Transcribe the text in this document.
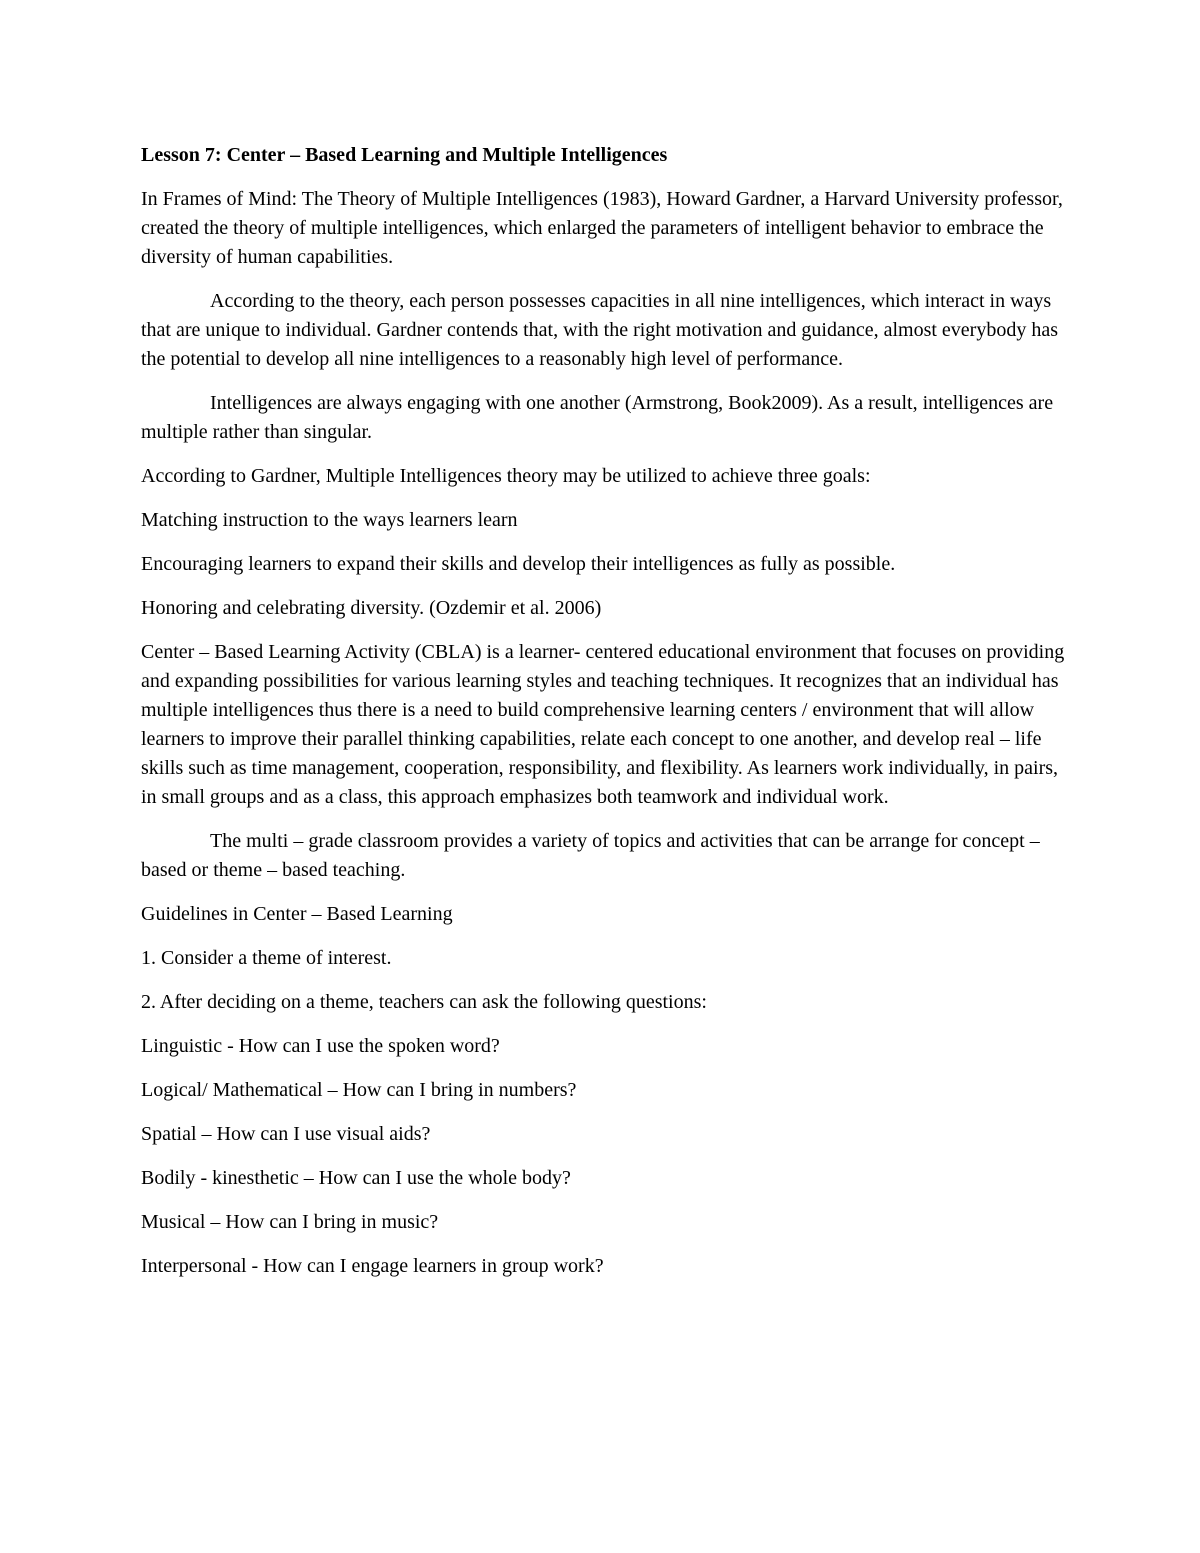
Lesson 7: Center – Based Learning and Multiple Intelligences

In Frames of Mind: The Theory of Multiple Intelligences (1983), Howard Gardner, a Harvard University professor, created the theory of multiple intelligences, which enlarged the parameters of intelligent behavior to embrace the diversity of human capabilities.

According to the theory, each person possesses capacities in all nine intelligences, which interact in ways that are unique to individual. Gardner contends that, with the right motivation and guidance, almost everybody has the potential to develop all nine intelligences to a reasonably high level of performance.

Intelligences are always engaging with one another (Armstrong, Book2009). As a result, intelligences are multiple rather than singular.

According to Gardner, Multiple Intelligences theory may be utilized to achieve three goals:

Matching instruction to the ways learners learn

Encouraging learners to expand their skills and develop their intelligences as fully as possible.

Honoring and celebrating diversity. (Ozdemir et al. 2006)

Center – Based Learning Activity (CBLA) is a learner- centered educational environment that focuses on providing and expanding possibilities for various learning styles and teaching techniques. It recognizes that an individual has multiple intelligences thus there is a need to build comprehensive learning centers / environment that will allow learners to improve their parallel thinking capabilities, relate each concept to one another, and develop real – life skills such as time management, cooperation, responsibility, and flexibility. As learners work individually, in pairs, in small groups and as a class, this approach emphasizes both teamwork and individual work.

The multi – grade classroom provides a variety of topics and activities that can be arrange for concept – based or theme – based teaching.

Guidelines in Center – Based Learning

1. Consider a theme of interest.

2. After deciding on a theme, teachers can ask the following questions:

Linguistic - How can I use the spoken word?

Logical/ Mathematical – How can I bring in numbers?

Spatial – How can I use visual aids?

Bodily - kinesthetic – How can I use the whole body?

Musical – How can I bring in music?

Interpersonal - How can I engage learners in group work?
